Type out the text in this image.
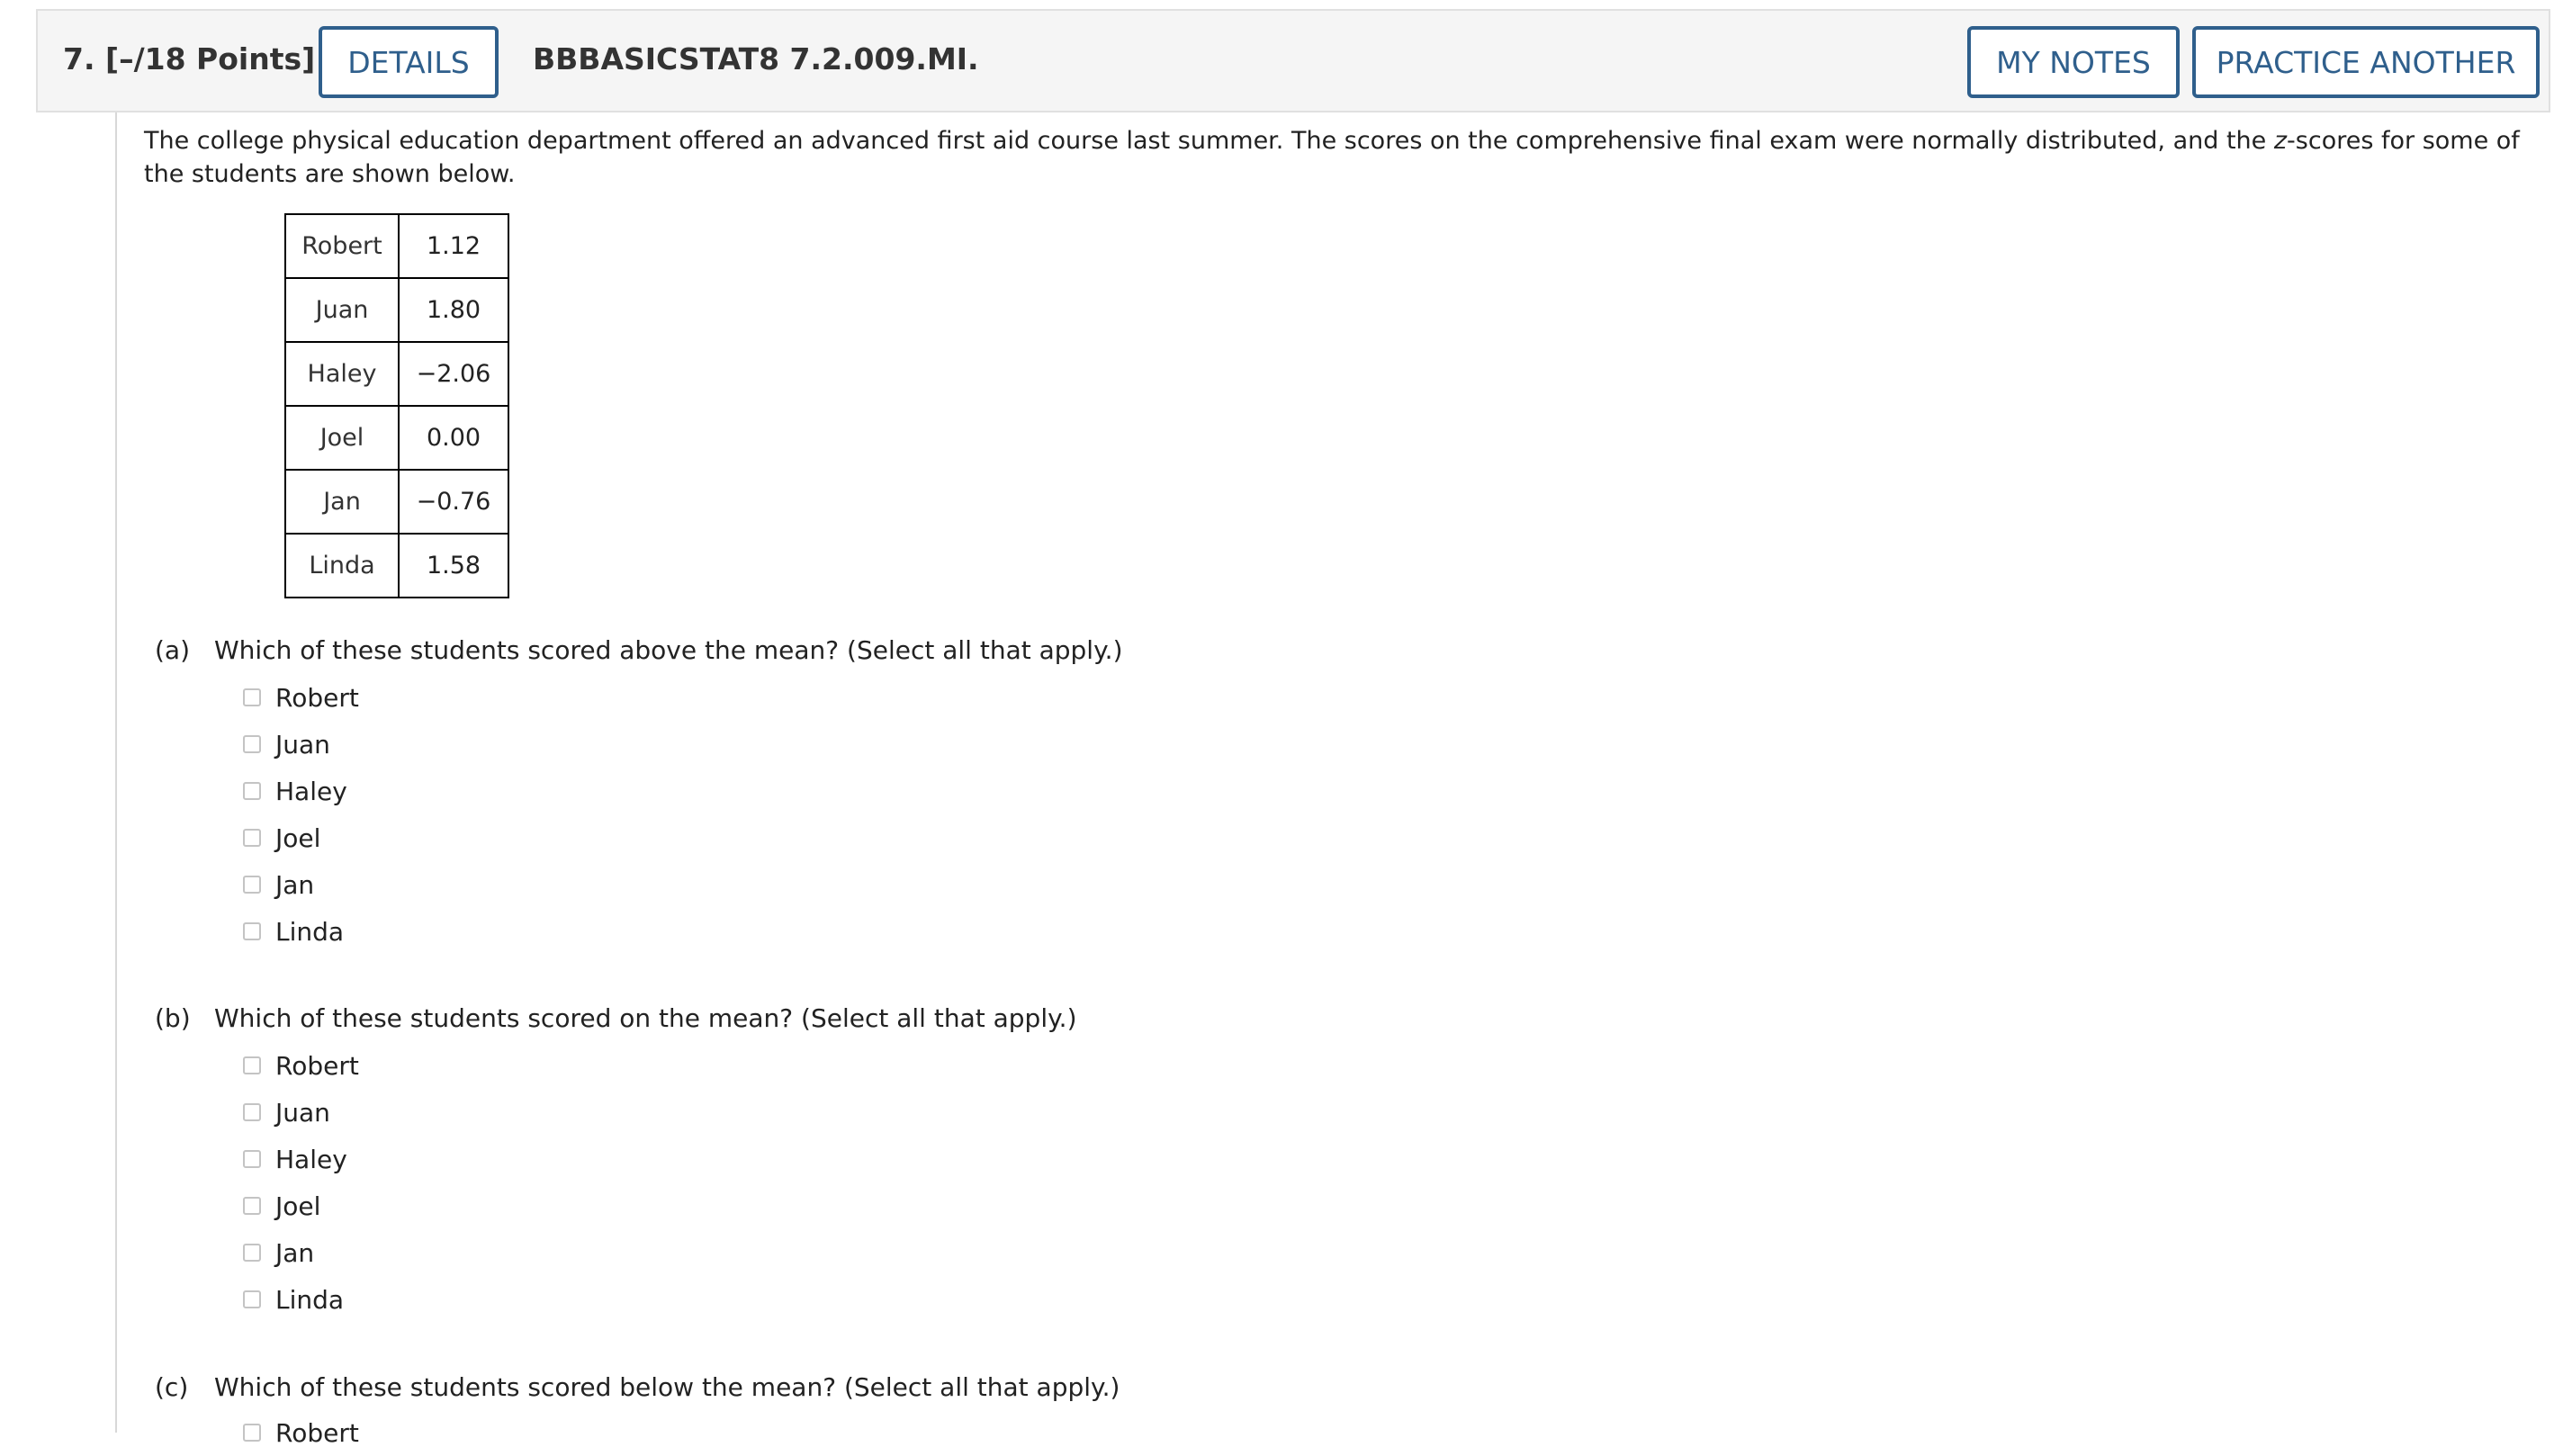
7. [–/18 Points]	DETAILS	BBBASICSTAT8 7.2.009.MI.	MY NOTES	PRACTICE ANOTHER
The college physical education department offered an advanced first aid course last summer. The scores on the comprehensive final exam were normally distributed, and the z-scores for some of the students are shown below.
Robert	1.12
Juan	1.80
Haley	−2.06
Joel	0.00
Jan	−0.76
Linda	1.58
(a) Which of these students scored above the mean? (Select all that apply.)
Robert
Juan
Haley
Joel
Jan
Linda
(b) Which of these students scored on the mean? (Select all that apply.)
Robert
Juan
Haley
Joel
Jan
Linda
(c) Which of these students scored below the mean? (Select all that apply.)
Robert
